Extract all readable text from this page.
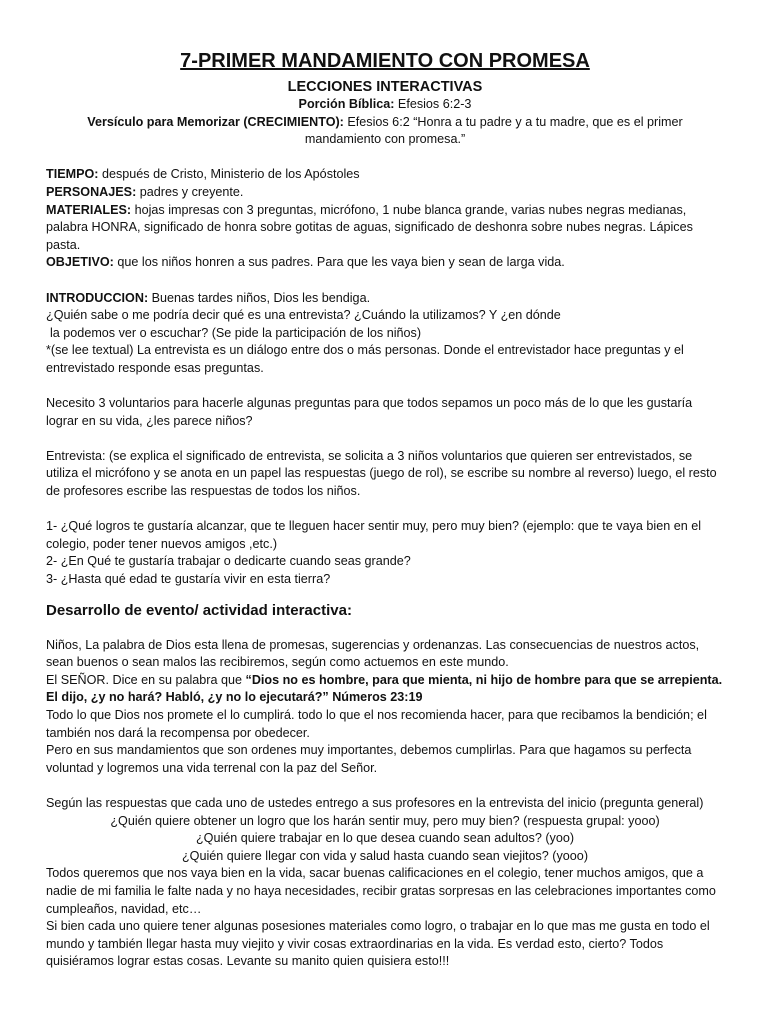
7-PRIMER MANDAMIENTO CON PROMESA
LECCIONES INTERACTIVAS

Porción Bíblica: Efesios 6:2-3

Versículo para Memorizar (CRECIMIENTO): Efesios 6:2 “Honra a tu padre y a tu madre, que es el primer mandamiento con promesa.”

TIEMPO: después de Cristo, Ministerio de los Apóstoles

PERSONAJES: padres y creyente.

MATERIALES: hojas impresas con 3 preguntas, micrófono, 1 nube blanca grande, varias nubes negras medianas, palabra HONRA, significado de honra sobre gotitas de aguas, significado de deshonra sobre nubes negras. Lápices pasta.

OBJETIVO: que los niños honren a sus padres. Para que les vaya bien y sean de larga vida.

INTRODUCCION: Buenas tardes niños, Dios les bendiga.

¿Quién sabe o me podría decir qué es una entrevista? ¿Cuándo la utilizamos? Y ¿en dónde

la podemos ver o escuchar? (Se pide la participación de los niños)

*(se lee textual) La entrevista es un diálogo entre dos o más personas. Donde el entrevistador hace preguntas y el entrevistado responde esas preguntas.

Necesito 3 voluntarios para hacerle algunas preguntas para que todos sepamos un poco más de lo que les gustaría lograr en su vida, ¿les parece niños?

Entrevista: (se explica el significado de entrevista, se solicita a 3 niños voluntarios que quieren ser entrevistados, se utiliza el micrófono y se anota en un papel las respuestas (juego de rol), se escribe su nombre al reverso) luego, el resto de profesores escribe las respuestas de todos los niños.

1- ¿Qué logros te gustaría alcanzar, que te lleguen hacer sentir muy, pero muy bien? (ejemplo: que te vaya bien en el colegio, poder tener nuevos amigos ,etc.)

2- ¿En Qué te gustaría trabajar o dedicarte cuando seas grande?

3- ¿Hasta qué edad te gustaría vivir en esta tierra?

Desarrollo de evento/ actividad interactiva:

Niños, La palabra de Dios esta llena de promesas, sugerencias y ordenanzas. Las consecuencias de nuestros actos, sean buenos o sean malos las recibiremos, según como actuemos en este mundo.

El SEÑOR. Dice en su palabra que “Dios no es hombre, para que mienta, ni hijo de hombre para que se arrepienta. El dijo, ¿y no hará? Habló, ¿y no lo ejecutará?” Números 23:19

Todo lo que Dios nos promete el lo cumplirá. todo lo que el nos recomienda hacer, para que recibamos la bendición; el también nos dará la recompensa por obedecer.

Pero en sus mandamientos que son ordenes muy importantes, debemos cumplirlas. Para que hagamos su perfecta voluntad y logremos una vida terrenal con la paz del Señor.

Según las respuestas que cada uno de ustedes entrego a sus profesores en la entrevista del inicio (pregunta general)

¿Quién quiere obtener un logro que los harán sentir muy, pero muy bien? (respuesta grupal: yooo)

¿Quién quiere trabajar en lo que desea cuando sean adultos? (yoo)

¿Quién quiere llegar con vida y salud hasta cuando sean viejitos? (yooo)

Todos queremos que nos vaya bien en la vida, sacar buenas calificaciones en el colegio, tener muchos amigos, que a nadie de mi familia le falte nada y no haya necesidades, recibir gratas sorpresas en las celebraciones importantes como cumpleaños, navidad, etc…

Si bien cada uno quiere tener algunas posesiones materiales como logro, o trabajar en lo que mas me gusta en todo el mundo y también llegar hasta muy viejito y vivir cosas extraordinarias en la vida. Es verdad esto, cierto? Todos quisiéramos lograr estas cosas. Levante su manito quien quisiera esto!!!
